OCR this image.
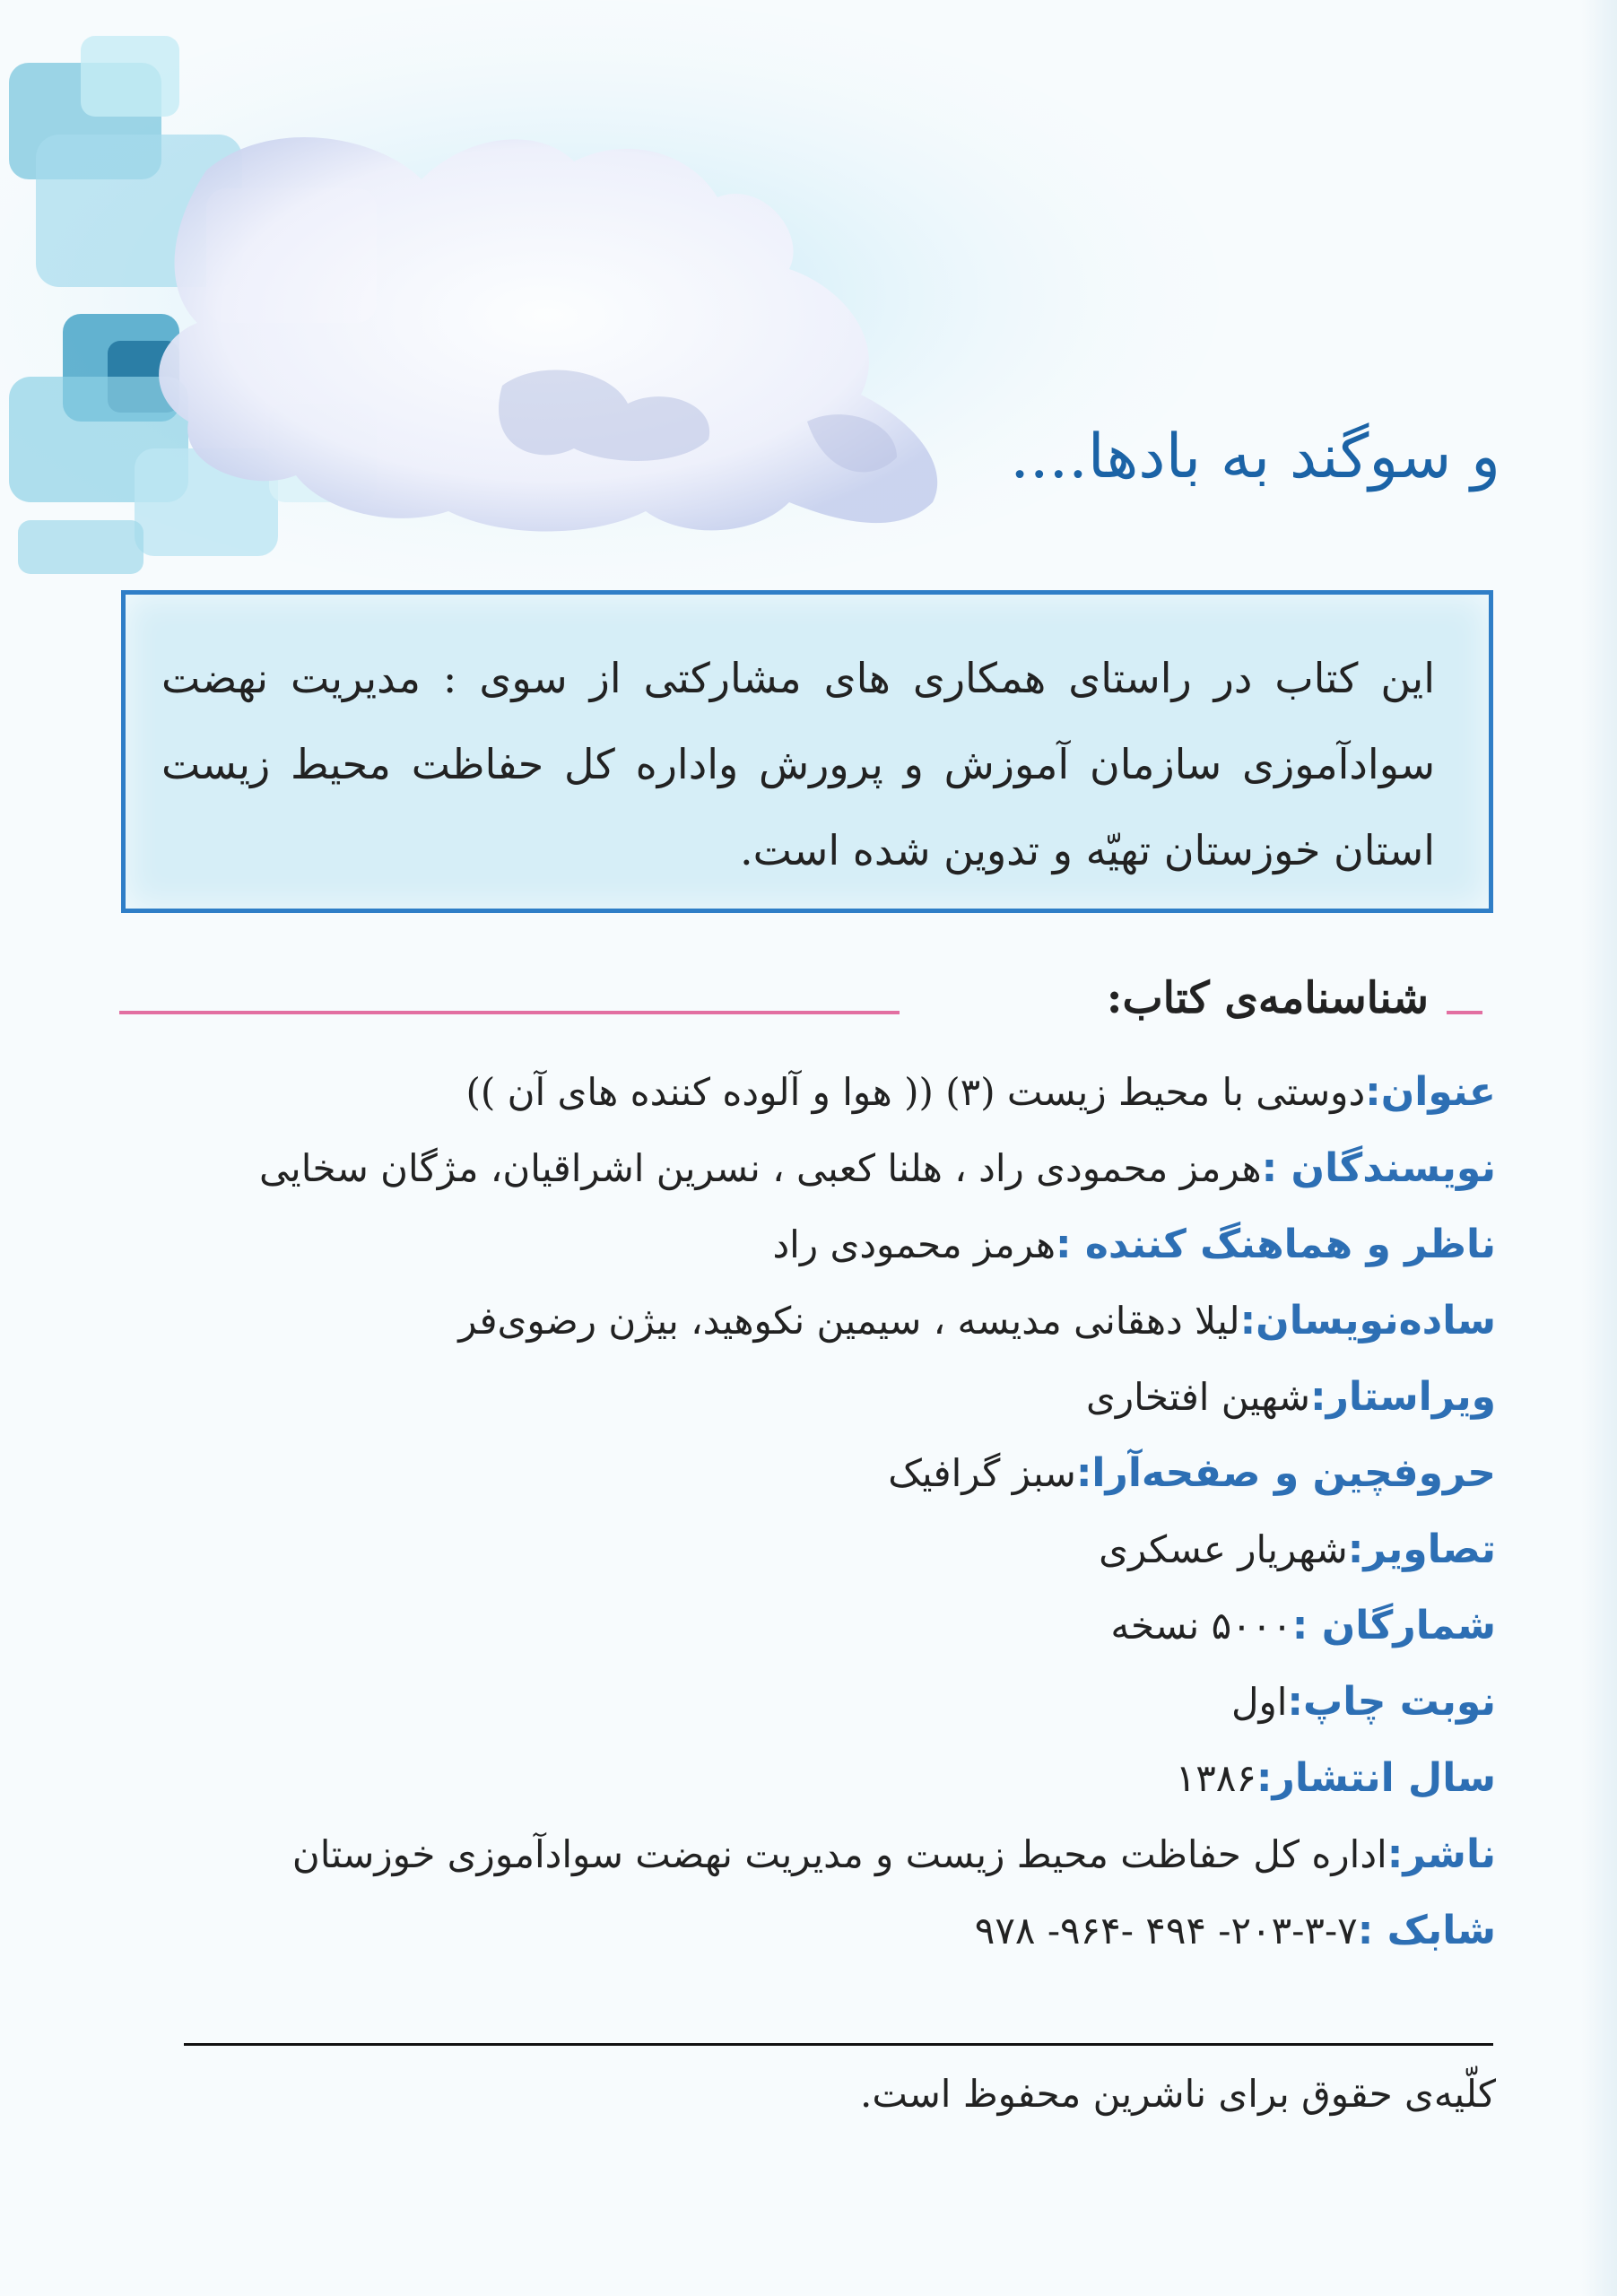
و سوگند به بادها....
این کتاب در راستای همکاری های مشارکتی از سوی : مدیریت نهضت سوادآموزی سازمان آموزش و پرورش واداره کل حفاظت محیط زیست استان خوزستان تهیّه و تدوین شده است.
شناسنامه‌ی کتاب:
عنوان:دوستی با محیط زیست (۳) (( هوا و آلوده کننده های آن ))
نویسندگان :هرمز محمودی راد ، هلنا کعبی ، نسرین اشراقیان، مژگان سخایی
ناظر و هماهنگ کننده :هرمز محمودی راد
ساده‌نویسان:لیلا دهقانی مدیسه ، سیمین نکوهید، بیژن رضوی‌فر
ویراستار:شهین افتخاری
حروفچین و صفحه‌آرا:سبز گرافیک
تصاویر:شهریار عسکری
شمارگان :۵۰۰۰ نسخه
نوبت چاپ:اول
سال انتشار:۱۳۸۶
ناشر:اداره کل حفاظت محیط زیست و مدیریت نهضت سوادآموزی خوزستان
شابک :۷-۳-۲۰۳- ۴۹۴ -۹۶۴- ۹۷۸
کلّیه‌ی حقوق برای ناشرین محفوظ است.
